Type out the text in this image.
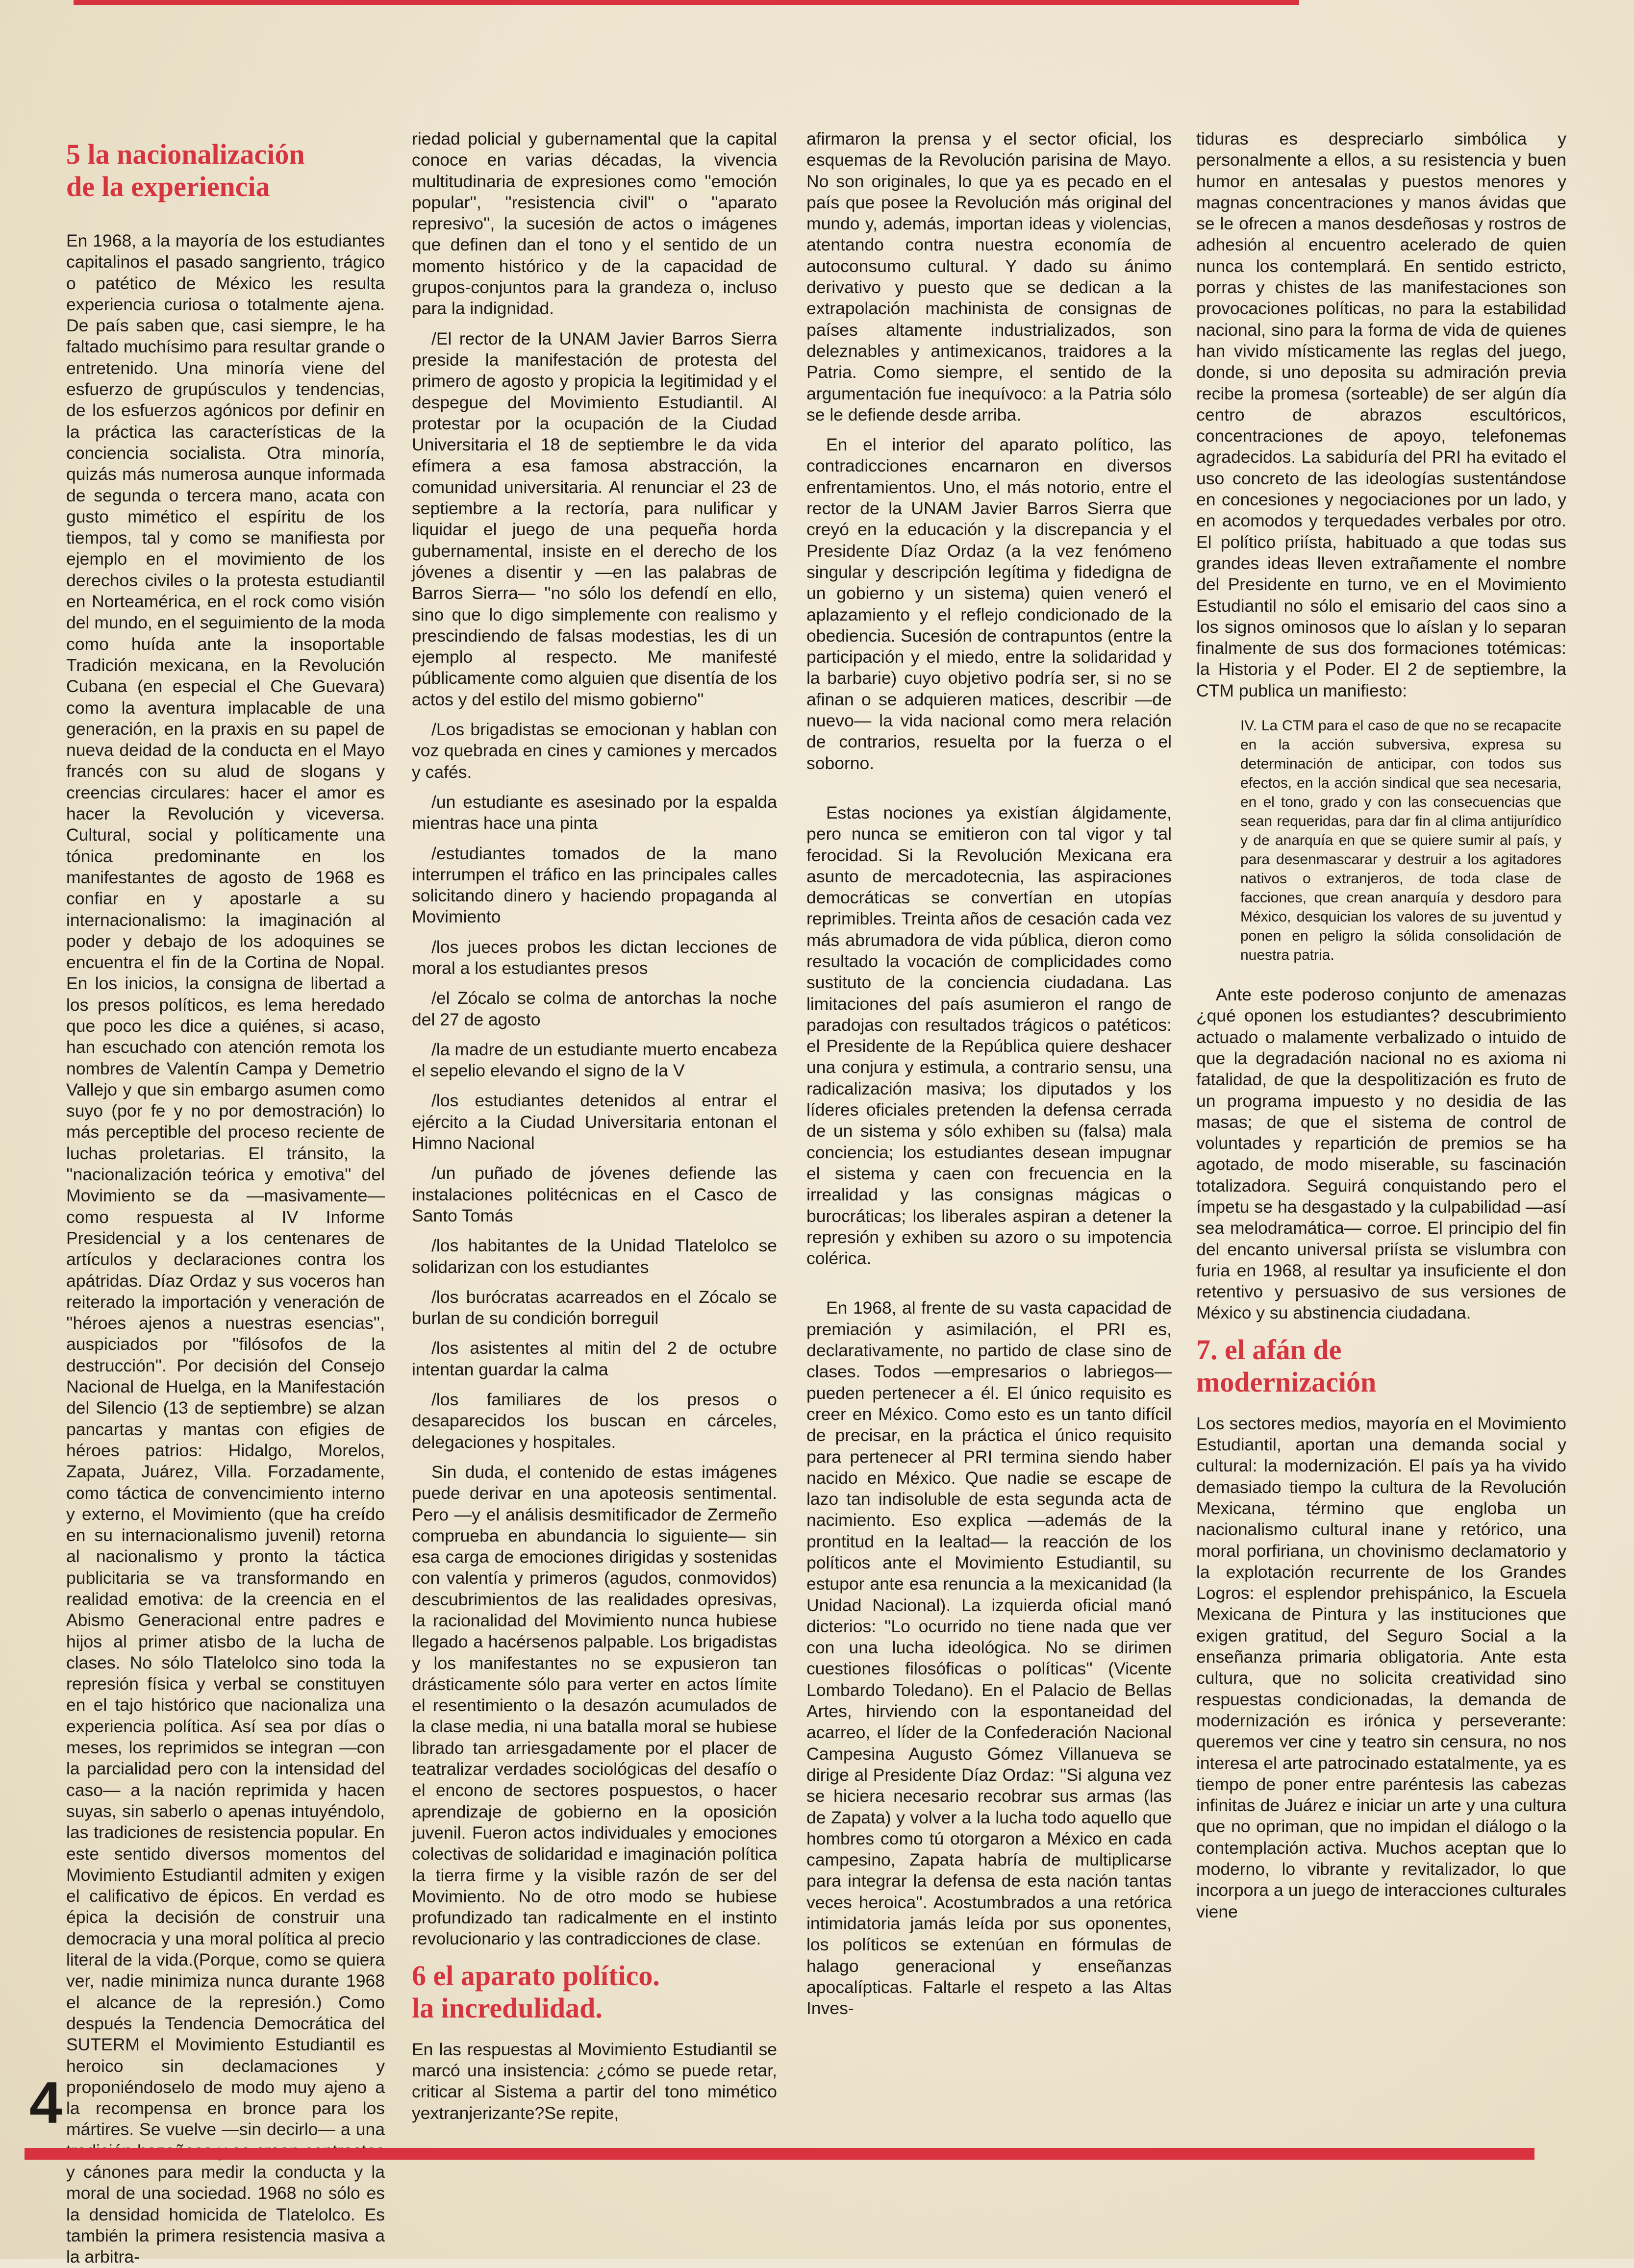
5 la nacionalización
de la experiencia

En 1968, a la mayoría de los estudiantes capitalinos el pasado sangriento, trágico o patético de México les resulta experiencia curiosa o totalmente ajena. De país saben que, casi siempre, le ha faltado muchísimo para resultar grande o entretenido. Una minoría viene del esfuerzo de grupúsculos y tendencias, de los esfuerzos agónicos por definir en la práctica las características de la conciencia socialista. Otra minoría, quizás más numerosa aunque informada de segunda o tercera mano, acata con gusto mimético el espíritu de los tiempos, tal y como se manifiesta por ejemplo en el movimiento de los derechos civiles o la protesta estudiantil en Norteamérica, en el rock como visión del mundo, en el seguimiento de la moda como huída ante la insoportable Tradición mexicana, en la Revolución Cubana (en especial el Che Guevara) como la aventura implacable de una generación, en la praxis en su papel de nueva deidad de la conducta en el Mayo francés con su alud de slogans y creencias circulares: hacer el amor es hacer la Revolución y viceversa. Cultural, social y políticamente una tónica predominante en los manifestantes de agosto de 1968 es confiar en y apostarle a su internacionalismo: la imaginación al poder y debajo de los adoquines se encuentra el fin de la Cortina de Nopal. En los inicios, la consigna de libertad a los presos políticos, es lema heredado que poco les dice a quiénes, si acaso, han escuchado con atención remota los nombres de Valentín Campa y Demetrio Vallejo y que sin embargo asumen como suyo (por fe y no por demostración) lo más perceptible del proceso reciente de luchas proletarias. El tránsito, la ''nacionalización teórica y emotiva'' del Movimiento se da —masivamente— como respuesta al IV Informe Presidencial y a los centenares de artículos y declaraciones contra los apátridas. Díaz Ordaz y sus voceros han reiterado la importación y veneración de ''héroes ajenos a nuestras esencias'', auspiciados por ''filósofos de la destrucción''. Por decisión del Consejo Nacional de Huelga, en la Manifestación del Silencio (13 de septiembre) se alzan pancartas y mantas con efigies de héroes patrios: Hidalgo, Morelos, Zapata, Juárez, Villa. Forzadamente, como táctica de convencimiento interno y externo, el Movimiento (que ha creído en su internacionalismo juvenil) retorna al nacionalismo y pronto la táctica publicitaria se va transformando en realidad emotiva: de la creencia en el Abismo Generacional entre padres e hijos al primer atisbo de la lucha de clases. No sólo Tlatelolco sino toda la represión física y verbal se constituyen en el tajo histórico que nacionaliza una experiencia política. Así sea por días o meses, los reprimidos se integran —con la parcialidad pero con la intensidad del caso— a la nación reprimida y hacen suyas, sin saberlo o apenas intuyéndolo, las tradiciones de resistencia popular. En este sentido diversos momentos del Movimiento Estudiantil admiten y exigen el calificativo de épicos. En verdad es épica la decisión de construir una democracia y una moral política al precio literal de la vida.(Porque, como se quiera ver, nadie minimiza nunca durante 1968 el alcance de la represión.) Como después la Tendencia Democrática del SUTERM el Movimiento Estudiantil es heroico sin declamaciones y proponiéndoselo de modo muy ajeno a la recompensa en bronce para los mártires. Se vuelve —sin decirlo— a una y cánones para medir la conducta y la moral de una sociedad. 1968 no sólo es la densidad homicida de Tlatelolco. Es también la primera resistencia masiva a la arbitra-

riedad policial y gubernamental que la capital conoce en varias décadas, la vivencia multitudinaria de expresiones como ''emoción popular'', ''resistencia civil'' o ''aparato represivo'', la sucesión de actos o imágenes que definen dan el tono y el sentido de un momento histórico y de la capacidad de grupos-conjuntos para la grandeza o, incluso para la indignidad.

/El rector de la UNAM Javier Barros Sierra preside la manifestación de protesta del primero de agosto y propicia la legitimidad y el despegue del Movimiento Estudiantil. Al protestar por la ocupación de la Ciudad Universitaria el 18 de septiembre le da vida efímera a esa famosa abstracción, la comunidad universitaria. Al renunciar el 23 de septiembre a la rectoría, para nulificar y liquidar el juego de una pequeña horda gubernamental, insiste en el derecho de los jóvenes a disentir y —en las palabras de Barros Sierra— ''no sólo los defendí en ello, sino que lo digo simplemente con realismo y prescindiendo de falsas modestias, les di un ejemplo al respecto. Me manifesté públicamente como alguien que disentía de los actos y del estilo del mismo gobierno''

/Los brigadistas se emocionan y hablan con voz quebrada en cines y camiones y mercados y cafés.

/un estudiante es asesinado por la espalda mientras hace una pinta

/estudiantes tomados de la mano interrumpen el tráfico en las principales calles solicitando dinero y haciendo propaganda al Movimiento

/los jueces probos les dictan lecciones de moral a los estudiantes presos

/el Zócalo se colma de antorchas la noche del 27 de agosto

/la madre de un estudiante muerto encabeza el sepelio elevando el signo de la V

/los estudiantes detenidos al entrar el ejército a la Ciudad Universitaria entonan el Himno Nacional

/un puñado de jóvenes defiende las instalaciones politécnicas en el Casco de Santo Tomás

/los habitantes de la Unidad Tlatelolco se solidarizan con los estudiantes

/los burócratas acarreados en el Zócalo se burlan de su condición borreguil

/los asistentes al mitin del 2 de octubre intentan guardar la calma

/los familiares de los presos o desaparecidos los buscan en cárceles, delegaciones y hospitales.

Sin duda, el contenido de estas imágenes puede derivar en una apoteosis sentimental. Pero —y el análisis desmitificador de Zermeño comprueba en abundancia lo siguiente— sin esa carga de emociones dirigidas y sostenidas con valentía y primeros (agudos, conmovidos) descubrimientos de las realidades opresivas, la racionalidad del Movimiento nunca hubiese llegado a hacérsenos palpable. Los brigadistas y los manifestantes no se expusieron tan drásticamente sólo para verter en actos límite el resentimiento o la desazón acumulados de la clase media, ni una batalla moral se hubiese librado tan arriesgadamente por el placer de teatralizar verdades sociológicas del desafío o el encono de sectores pospuestos, o hacer aprendizaje de gobierno en la oposición juvenil. Fueron actos individuales y emociones colectivas de solidaridad e imaginación política la tierra firme y la visible razón de ser del Movimiento. No de otro modo se hubiese profundizado tan radicalmente en el instinto revolucionario y las contradicciones de clase.

6 el aparato político.
la incredulidad.

En las respuestas al Movimiento Estudiantil se marcó una insistencia: ¿cómo se puede retar, criticar al Sistema a partir del tono mimético yextranjerizante?Se repite,

afirmaron la prensa y el sector oficial, los esquemas de la Revolución parisina de Mayo. No son originales, lo que ya es pecado en el país que posee la Revolución más original del mundo y, además, importan ideas y violencias, atentando contra nuestra economía de autoconsumo cultural. Y dado su ánimo derivativo y puesto que se dedican a la extrapolación machinista de consignas de países altamente industrializados, son deleznables y antimexicanos, traidores a la Patria. Como siempre, el sentido de la argumentación fue inequívoco: a la Patria sólo se le defiende desde arriba.

En el interior del aparato político, las contradicciones encarnaron en diversos enfrentamientos. Uno, el más notorio, entre el rector de la UNAM Javier Barros Sierra que creyó en la educación y la discrepancia y el Presidente Díaz Ordaz (a la vez fenómeno singular y descripción legítima y fidedigna de un gobierno y un sistema) quien veneró el aplazamiento y el reflejo condicionado de la obediencia. Sucesión de contrapuntos (entre la participación y el miedo, entre la solidaridad y la barbarie) cuyo objetivo podría ser, si no se afinan o se adquieren matices, describir —de nuevo— la vida nacional como mera relación de contrarios, resuelta por la fuerza o el soborno.

Estas nociones ya existían álgidamente, pero nunca se emitieron con tal vigor y tal ferocidad. Si la Revolución Mexicana era asunto de mercadotecnia, las aspiraciones democráticas se convertían en utopías reprimibles. Treinta años de cesación cada vez más abrumadora de vida pública, dieron como resultado la vocación de complicidades como sustituto de la conciencia ciudadana. Las limitaciones del país asumieron el rango de paradojas con resultados trágicos o patéticos: el Presidente de la República quiere deshacer una conjura y estimula, a contrario sensu, una radicalización masiva; los diputados y los líderes oficiales pretenden la defensa cerrada de un sistema y sólo exhiben su (falsa) mala conciencia; los estudiantes desean impugnar el sistema y caen con frecuencia en la irrealidad y las consignas mágicas o burocráticas; los liberales aspiran a detener la represión y exhiben su azoro o su impotencia colérica.

En 1968, al frente de su vasta capacidad de premiación y asimilación, el PRI es, declarativamente, no partido de clase sino de clases. Todos —empresarios o labriegos— pueden pertenecer a él. El único requisito es creer en México. Como esto es un tanto difícil de precisar, en la práctica el único requisito para pertenecer al PRI termina siendo haber nacido en México. Que nadie se escape de lazo tan indisoluble de esta segunda acta de nacimiento. Eso explica —además de la prontitud en la lealtad— la reacción de los políticos ante el Movimiento Estudiantil, su estupor ante esa renuncia a la mexicanidad (la Unidad Nacional). La izquierda oficial manó dicterios: ''Lo ocurrido no tiene nada que ver con una lucha ideológica. No se dirimen cuestiones filosóficas o políticas'' (Vicente Lombardo Toledano). En el Palacio de Bellas Artes, hirviendo con la espontaneidad del acarreo, el líder de la Confederación Nacional Campesina Augusto Gómez Villanueva se dirige al Presidente Díaz Ordaz: ''Si alguna vez se hiciera necesario recobrar sus armas (las de Zapata) y volver a la lucha todo aquello que hombres como tú otorgaron a México en cada campesino, Zapata habría de multiplicarse para integrar la defensa de esta nación tantas veces heroica''. Acostumbrados a una retórica intimidatoria jamás leída por sus oponentes, los políticos se extenúan en fórmulas de halago generacional y enseñanzas apocalípticas. Faltarle el respeto a las Altas Inves-

tiduras es despreciarlo simbólica y personalmente a ellos, a su resistencia y buen humor en antesalas y puestos menores y magnas concentraciones y manos ávidas que se le ofrecen a manos desdeñosas y rostros de adhesión al encuentro acelerado de quien nunca los contemplará. En sentido estricto, porras y chistes de las manifestaciones son provocaciones políticas, no para la estabilidad nacional, sino para la forma de vida de quienes han vivido místicamente las reglas del juego, donde, si uno deposita su admiración previa recibe la promesa (sorteable) de ser algún día centro de abrazos escultóricos, concentraciones de apoyo, telefonemas agradecidos. La sabiduría del PRI ha evitado el uso concreto de las ideologías sustentándose en concesiones y negociaciones por un lado, y en acomodos y terquedades verbales por otro. El político priísta, habituado a que todas sus grandes ideas lleven extrañamente el nombre del Presidente en turno, ve en el Movimiento Estudiantil no sólo el emisario del caos sino a los signos ominosos que lo aíslan y lo separan finalmente de sus dos formaciones totémicas: la Historia y el Poder. El 2 de septiembre, la CTM publica un manifiesto:

IV. La CTM para el caso de que no se recapacite en la acción subversiva, expresa su determinación de anticipar, con todos sus efectos, en la acción sindical que sea necesaria, en el tono, grado y con las consecuencias que sean requeridas, para dar fin al clima antijurídico y de anarquía en que se quiere sumir al país, y para desenmascarar y destruir a los agitadores nativos o extranjeros, de toda clase de facciones, que crean anarquía y desdoro para México, desquician los valores de su juventud y ponen en peligro la sólida consolidación de nuestra patria.

Ante este poderoso conjunto de amenazas ¿qué oponen los estudiantes? descubrimiento actuado o malamente verbalizado o intuido de que la degradación nacional no es axioma ni fatalidad, de que la despolitización es fruto de un programa impuesto y no desidia de las masas; de que el sistema de control de voluntades y repartición de premios se ha agotado, de modo miserable, su fascinación totalizadora. Seguirá conquistando pero el ímpetu se ha desgastado y la culpabilidad —así sea melodramática— corroe. El principio del fin del encanto universal priísta se vislumbra con furia en 1968, al resultar ya insuficiente el don retentivo y persuasivo de sus versiones de México y su abstinencia ciudadana.

7. el afán de
modernización

Los sectores medios, mayoría en el Movimiento Estudiantil, aportan una demanda social y cultural: la modernización. El país ya ha vivido demasiado tiempo la cultura de la Revolución Mexicana, término que engloba un nacionalismo cultural inane y retórico, una moral porfiriana, un chovinismo declamatorio y la explotación recurrente de los Grandes Logros: el esplendor prehispánico, la Escuela Mexicana de Pintura y las instituciones que exigen gratitud, del Seguro Social a la enseñanza primaria obligatoria. Ante esta cultura, que no solicita creatividad sino respuestas condicionadas, la demanda de modernización es irónica y perseverante: queremos ver cine y teatro sin censura, no nos interesa el arte patrocinado estatalmente, ya es tiempo de poner entre paréntesis las cabezas infinitas de Juárez e iniciar un arte y una cultura que no opriman, que no impidan el diálogo o la contemplación activa. Muchos aceptan que lo moderno, lo vibrante y revitalizador, lo que incorpora a un juego de interacciones culturales viene

4
